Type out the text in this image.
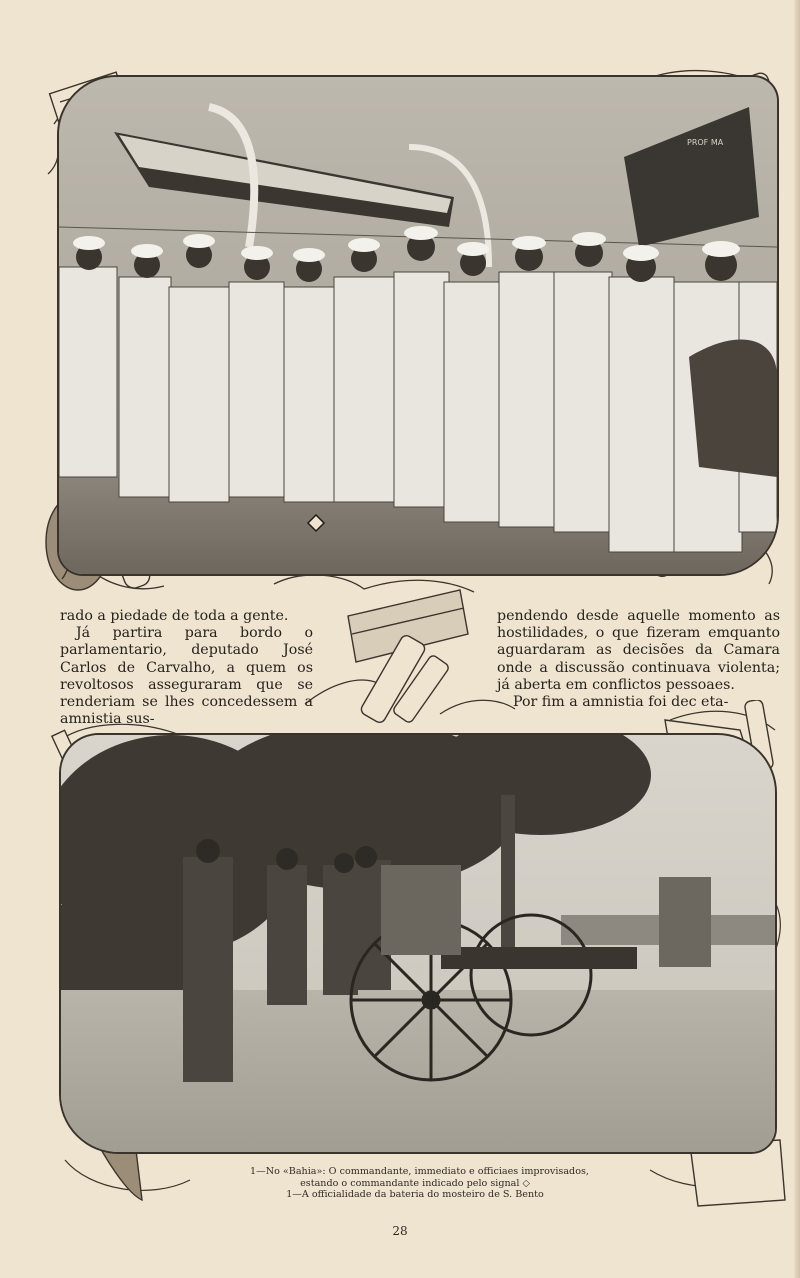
PROF MA

rado a piedade de toda a gente.

Já partira para bordo o parlamentario, deputado José Carlos de Carvalho, a quem os revoltosos asseguraram que se renderiam se lhes concedessem a amnistia sus-

pendendo desde aquelle momento as hostilidades, o que fizeram emquanto aguardaram as decisões da Camara onde a discussão continuava violenta; já aberta em conflictos pessoaes.

Por fim a amnistia foi dec eta-

1—No «Bahia»: O commandante, immediato e officiaes improvisados,
estando o commandante indicado pelo signal ◇
1—A officialidade da bateria do mosteiro de S. Bento
28
